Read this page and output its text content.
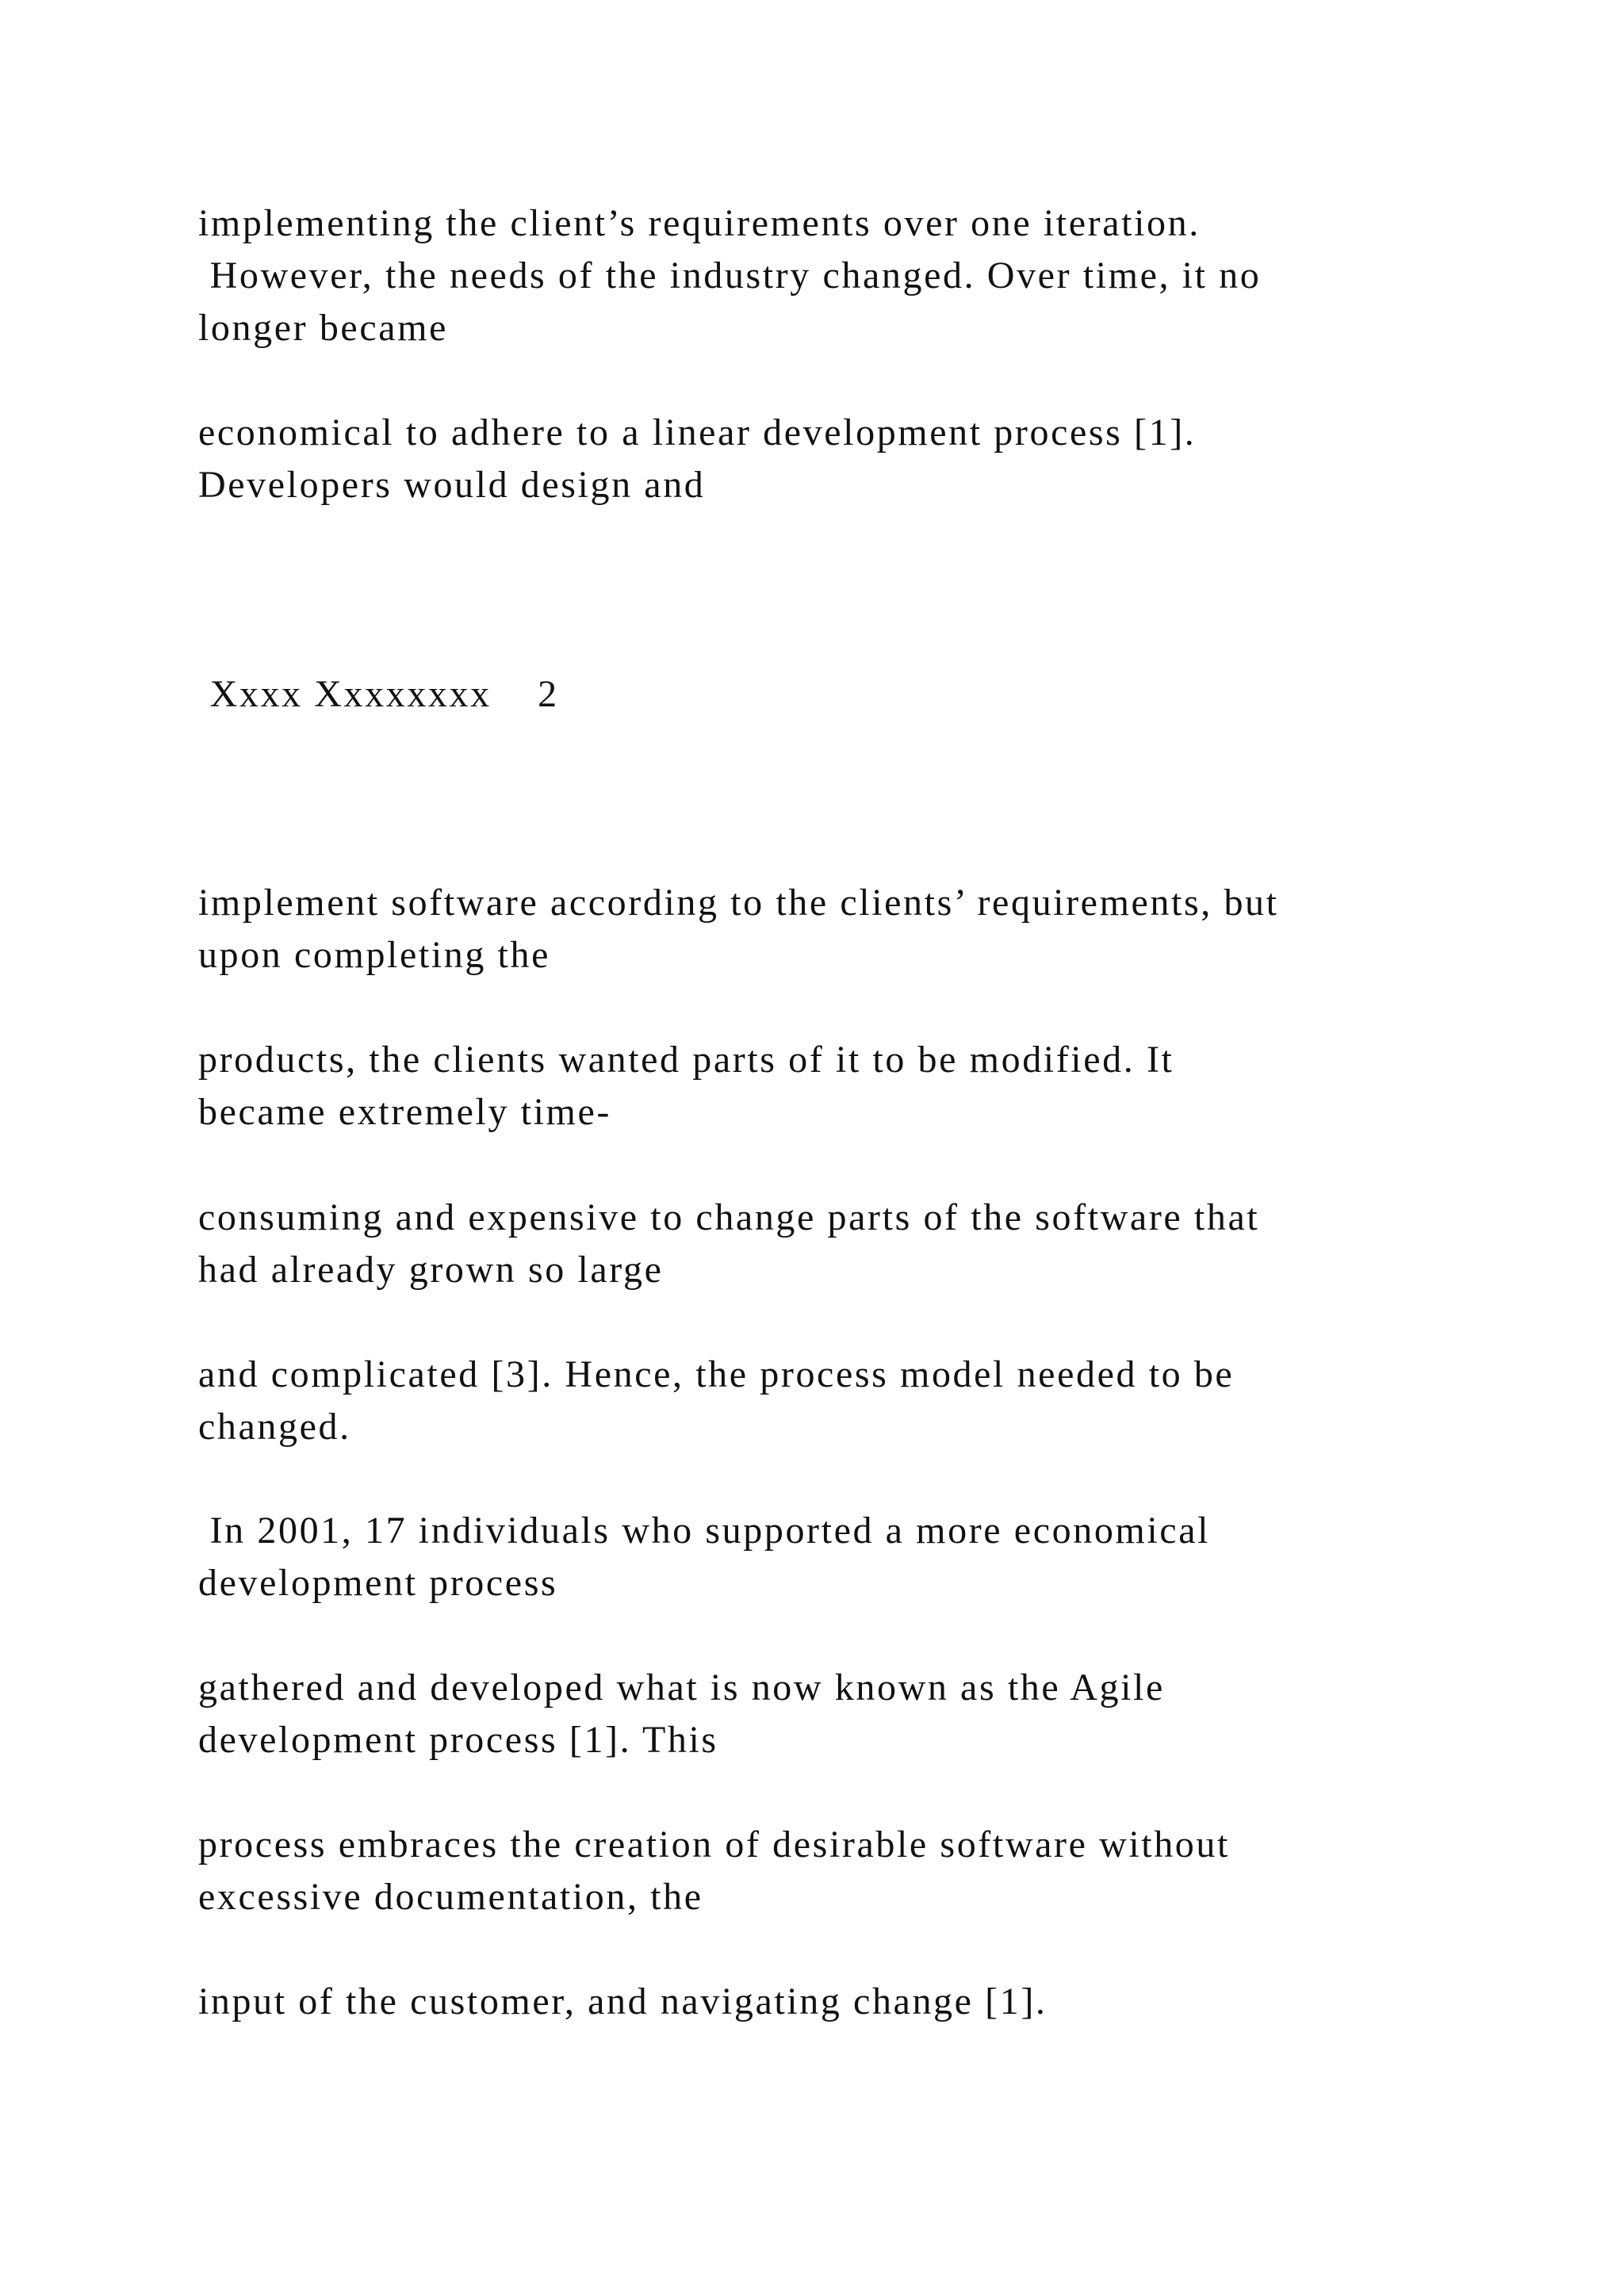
implementing the client’s requirements over one iteration.
However, the needs of the industry changed. Over time, it no
longer became

economical to adhere to a linear development process [1].
Developers would design and

Xxxx Xxxxxxxx    2

implement software according to the clients’ requirements, but
upon completing the

products, the clients wanted parts of it to be modified. It
became extremely time-

consuming and expensive to change parts of the software that
had already grown so large

and complicated [3]. Hence, the process model needed to be
changed.

In 2001, 17 individuals who supported a more economical
development process

gathered and developed what is now known as the Agile
development process [1]. This

process embraces the creation of desirable software without
excessive documentation, the

input of the customer, and navigating change [1].
